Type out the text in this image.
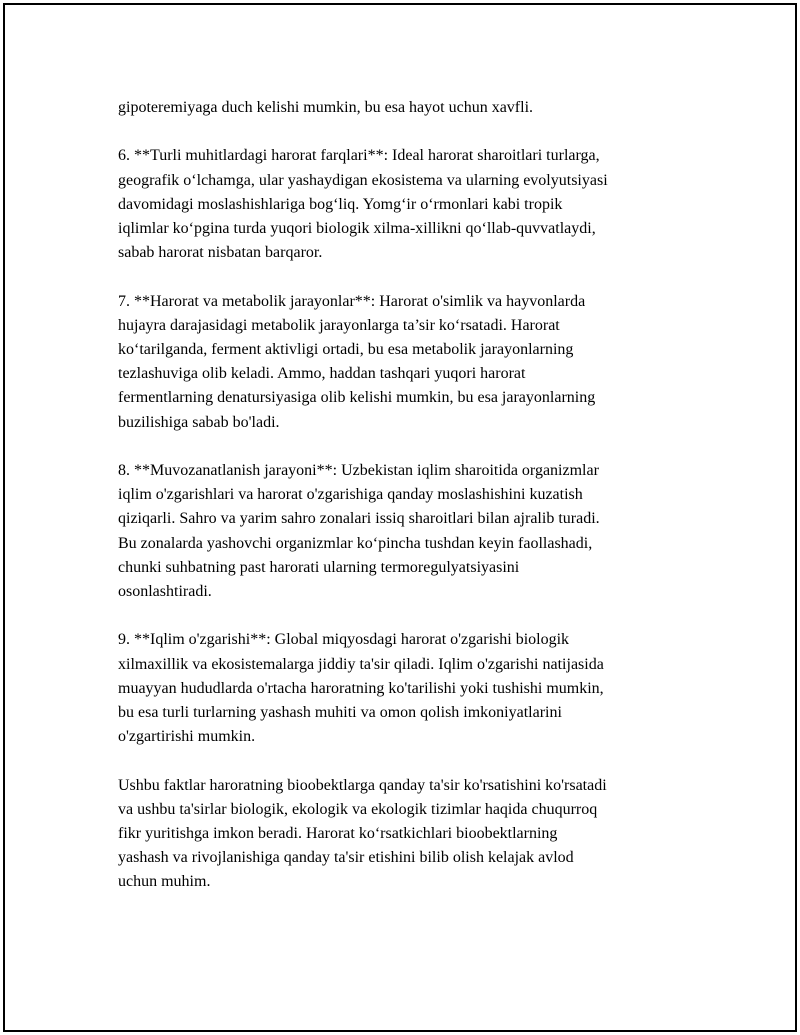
gipoteremiyaga duch kelishi mumkin, bu esa hayot uchun xavfli.

6. **Turli muhitlardagi harorat farqlari**: Ideal harorat sharoitlari turlarga,
geografik oʻlchamga, ular yashaydigan ekosistema va ularning evolyutsiyasi
davomidagi moslashishlariga bogʻliq. Yomgʻir oʻrmonlari kabi tropik
iqlimlar koʻpgina turda yuqori biologik xilma-xillikni qoʻllab-quvvatlaydi,
sabab harorat nisbatan barqaror.

7. **Harorat va metabolik jarayonlar**: Harorat o'simlik va hayvonlarda
hujayra darajasidagi metabolik jarayonlarga ta’sir koʻrsatadi. Harorat
koʻtarilganda, ferment aktivligi ortadi, bu esa metabolik jarayonlarning
tezlashuviga olib keladi. Ammo, haddan tashqari yuqori harorat
fermentlarning denatursiyasiga olib kelishi mumkin, bu esa jarayonlarning
buzilishiga sabab bo'ladi.

8. **Muvozanatlanish jarayoni**: Uzbekistan iqlim sharoitida organizmlar
iqlim o'zgarishlari va harorat o'zgarishiga qanday moslashishini kuzatish
qiziqarli. Sahro va yarim sahro zonalari issiq sharoitlari bilan ajralib turadi.
Bu zonalarda yashovchi organizmlar koʻpincha tushdan keyin faollashadi,
chunki suhbatning past harorati ularning termoregulyatsiyasini
osonlashtiradi.

9. **Iqlim o'zgarishi**: Global miqyosdagi harorat o'zgarishi biologik
xilmaxillik va ekosistemalarga jiddiy ta'sir qiladi. Iqlim o'zgarishi natijasida
muayyan hududlarda o'rtacha haroratning ko'tarilishi yoki tushishi mumkin,
bu esa turli turlarning yashash muhiti va omon qolish imkoniyatlarini
o'zgartirishi mumkin.

Ushbu faktlar haroratning bioobektlarga qanday ta'sir ko'rsatishini ko'rsatadi
va ushbu ta'sirlar biologik, ekologik va ekologik tizimlar haqida chuqurroq
fikr yuritishga imkon beradi. Harorat koʻrsatkichlari bioobektlarning
yashash va rivojlanishiga qanday ta'sir etishini bilib olish kelajak avlod
uchun muhim.
